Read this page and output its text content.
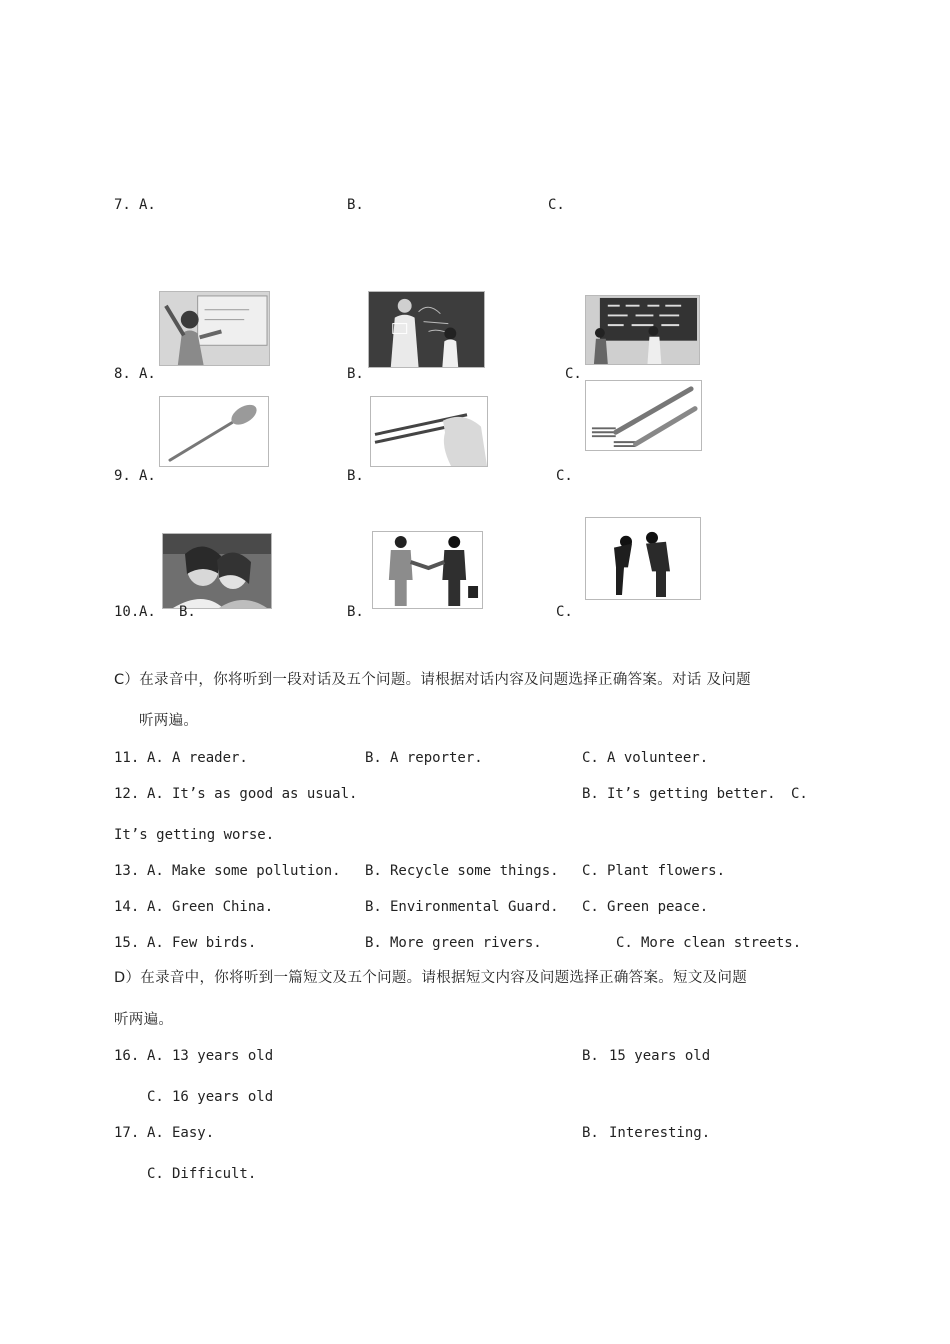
7. A.	B.	C.
8. A.	B.	C.
9. A.	B.	C.
10. A. B.	B.	C.
C）在录音中，你将听到一段对话及五个问题。请根据对话内容及问题选择正确答案。对话 及问题
听两遍。
11. A. A reader.	B. A reporter.	C. A volunteer.
12. A. It’s as good as usual.	B. It’s getting better. C.
It’s getting worse.
13. A. Make some pollution. B. Recycle some things. C. Plant flowers.
14. A. Green China.	B. Environmental Guard. C. Green peace.
15. A. Few birds.	B. More green rivers.	C. More clean streets.
D）在录音中，你将听到一篇短文及五个问题。请根据短文内容及问题选择正确答案。短文及问题
听两遍。
16. A. 13 years old	B. 15 years old
C. 16 years old
17. A. Easy.	B. Interesting.
C. Difficult.
